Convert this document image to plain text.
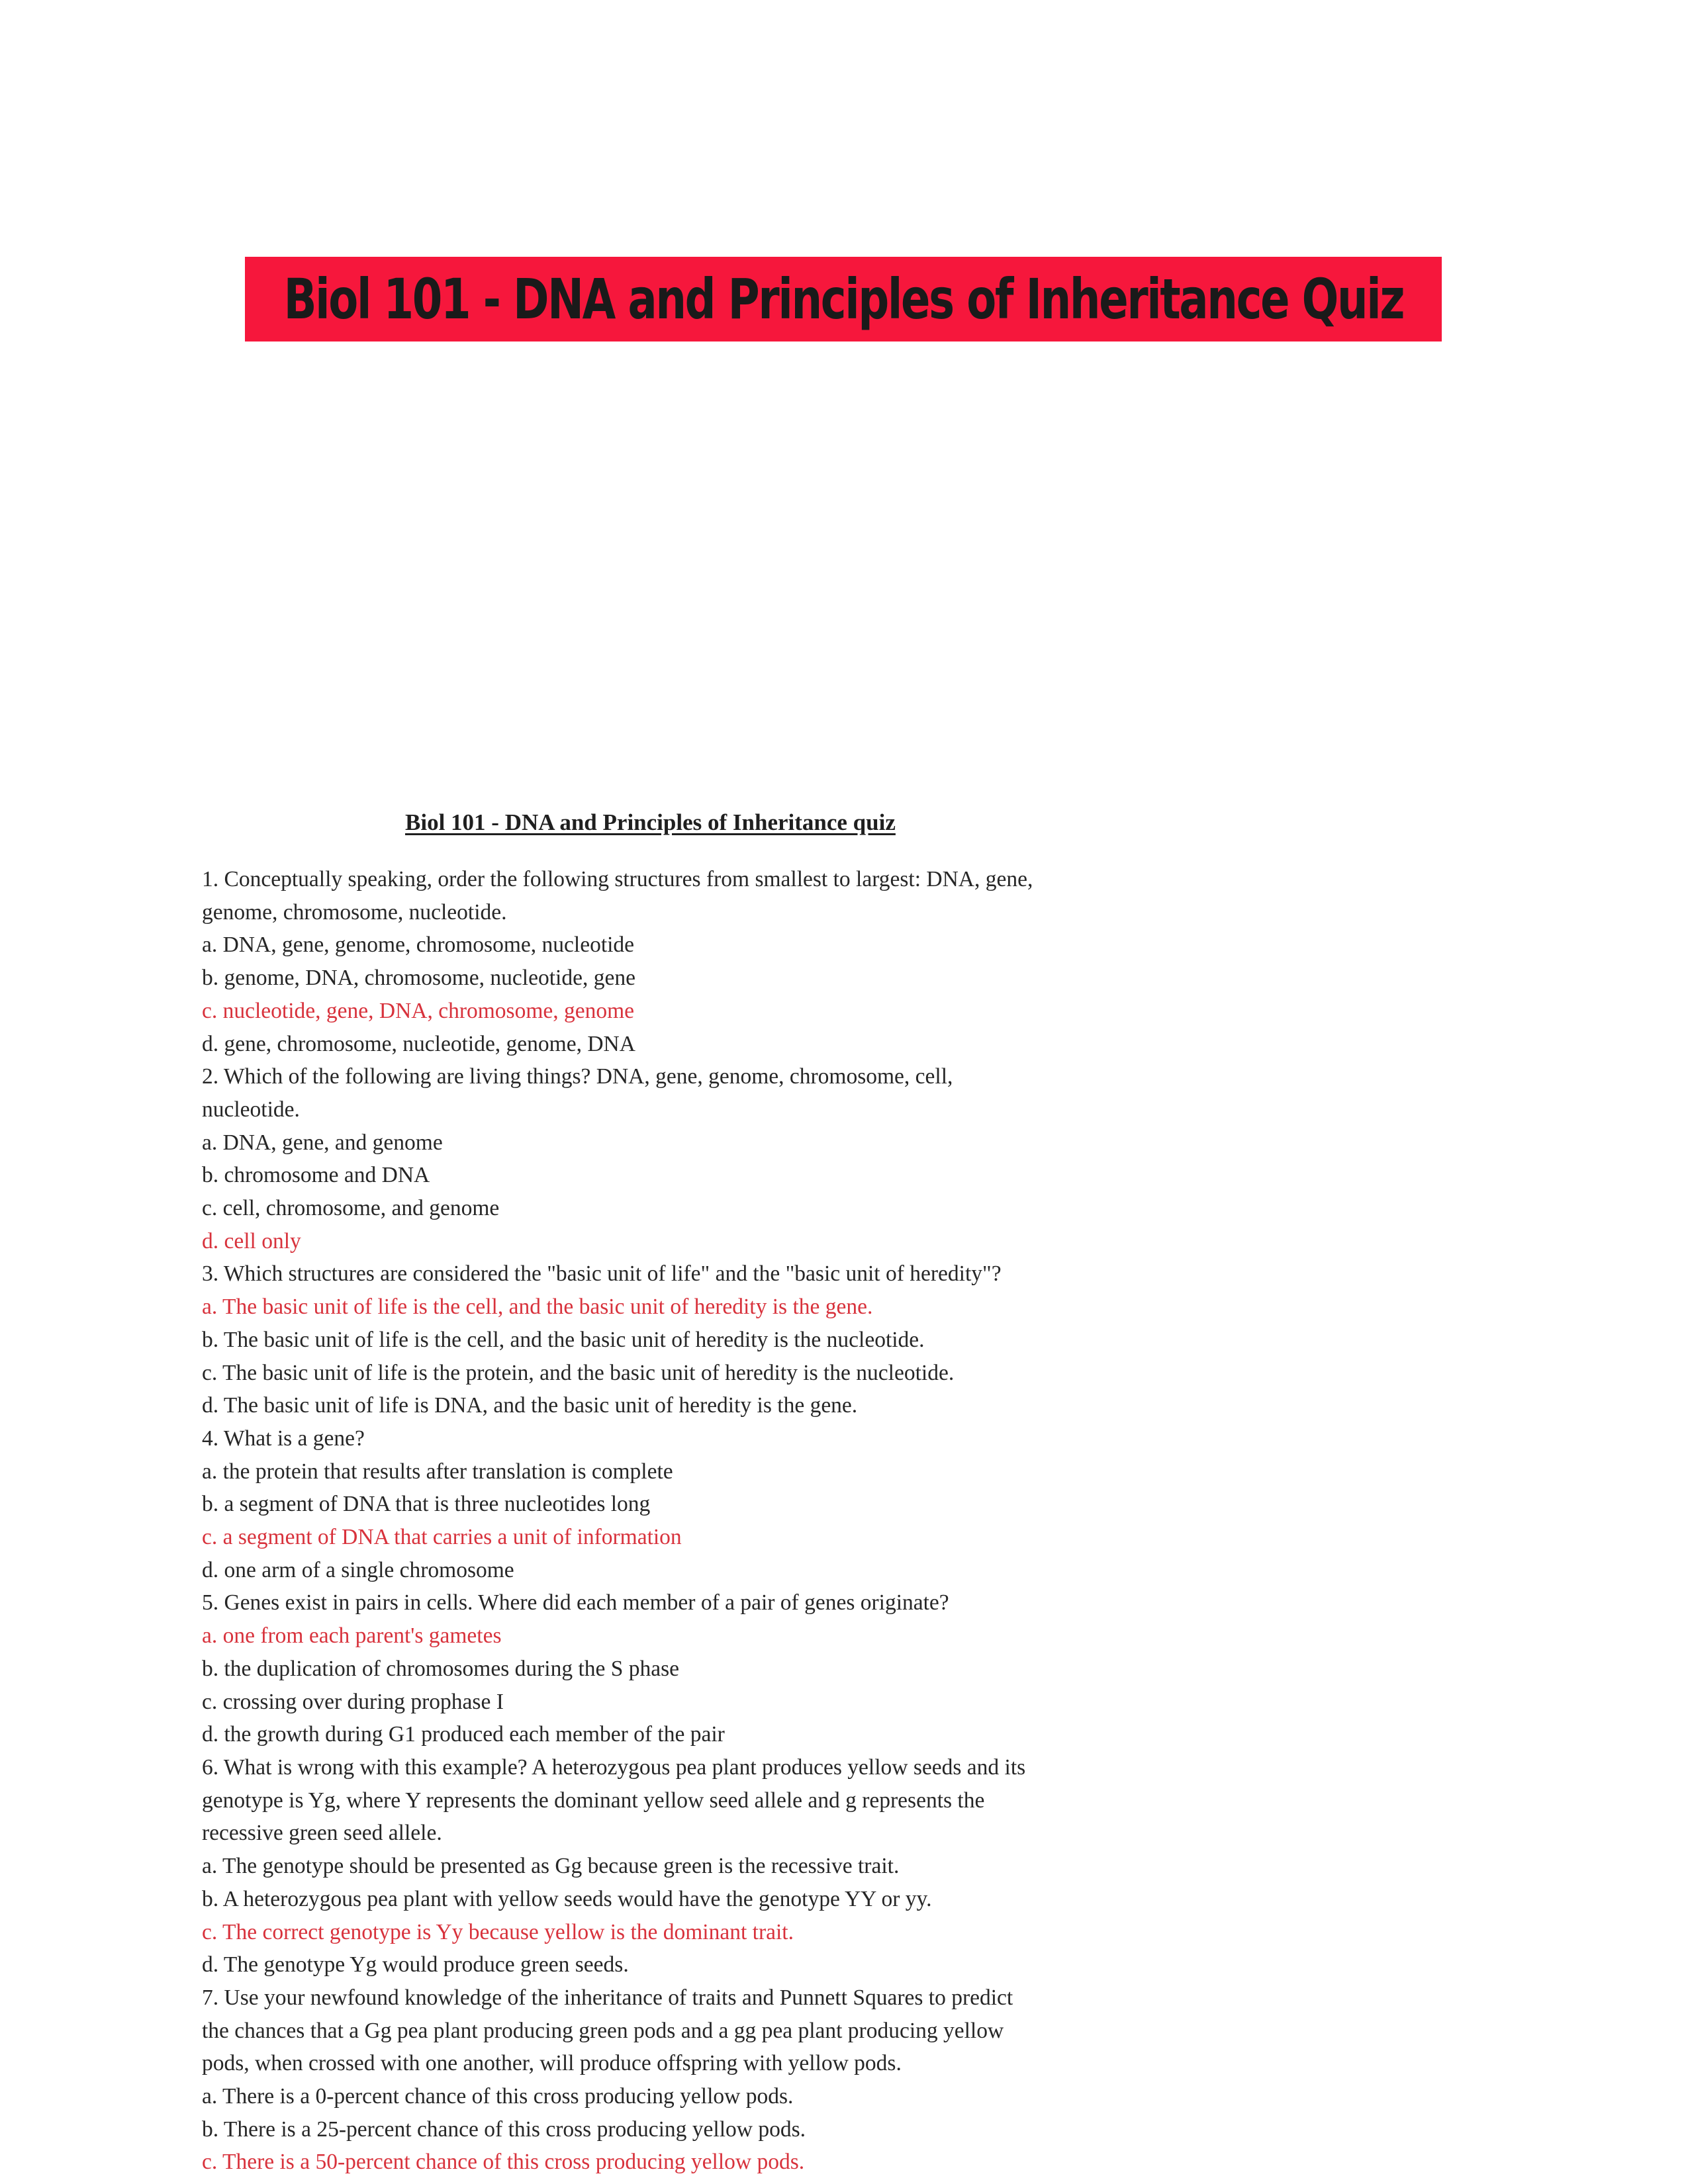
Biol 101 - DNA and Principles of Inheritance Quiz
Biol 101 - DNA and Principles of Inheritance quiz
1. Conceptually speaking, order the following structures from smallest to largest: DNA, gene,
genome, chromosome, nucleotide.
a. DNA, gene, genome, chromosome, nucleotide
b. genome, DNA, chromosome, nucleotide, gene
c. nucleotide, gene, DNA, chromosome, genome
d. gene, chromosome, nucleotide, genome, DNA
2. Which of the following are living things? DNA, gene, genome, chromosome, cell,
nucleotide.
a. DNA, gene, and genome
b. chromosome and DNA
c. cell, chromosome, and genome
d. cell only
3. Which structures are considered the "basic unit of life" and the "basic unit of heredity"?
a. The basic unit of life is the cell, and the basic unit of heredity is the gene.
b. The basic unit of life is the cell, and the basic unit of heredity is the nucleotide.
c. The basic unit of life is the protein, and the basic unit of heredity is the nucleotide.
d. The basic unit of life is DNA, and the basic unit of heredity is the gene.
4. What is a gene?
a. the protein that results after translation is complete
b. a segment of DNA that is three nucleotides long
c. a segment of DNA that carries a unit of information
d. one arm of a single chromosome
5. Genes exist in pairs in cells. Where did each member of a pair of genes originate?
a. one from each parent's gametes
b. the duplication of chromosomes during the S phase
c. crossing over during prophase I
d. the growth during G1 produced each member of the pair
6. What is wrong with this example? A heterozygous pea plant produces yellow seeds and its
genotype is Yg, where Y represents the dominant yellow seed allele and g represents the
recessive green seed allele.
a. The genotype should be presented as Gg because green is the recessive trait.
b. A heterozygous pea plant with yellow seeds would have the genotype YY or yy.
c. The correct genotype is Yy because yellow is the dominant trait.
d. The genotype Yg would produce green seeds.
7. Use your newfound knowledge of the inheritance of traits and Punnett Squares to predict
the chances that a Gg pea plant producing green pods and a gg pea plant producing yellow
pods, when crossed with one another, will produce offspring with yellow pods.
a. There is a 0-percent chance of this cross producing yellow pods.
b. There is a 25-percent chance of this cross producing yellow pods.
c. There is a 50-percent chance of this cross producing yellow pods.
